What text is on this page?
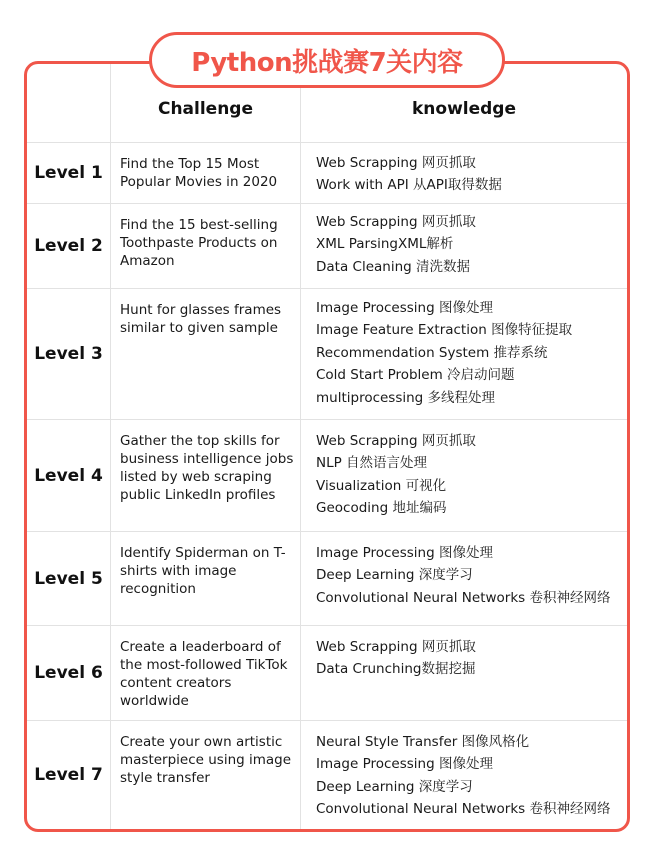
Python挑战赛7关内容
Challenge	knowledge
Level 1 Find the Top 15 Most Popular Movies in 2020
Web Scrapping 网页抓取
Work with API 从API取得数据
Level 2
Find the 15 best-selling Toothpaste Products on Amazon
Web Scrapping 网页抓取
XML ParsingXML解析
Data Cleaning 清洗数据
Level 3
Hunt for glasses frames similar to given sample
Image Processing 图像处理
Image Feature Extraction 图像特征提取
Recommendation System 推荐系统
Cold Start Problem 冷启动问题
multiprocessing 多线程处理
Level 4
Gather the top skills for business intelligence jobs listed by web scraping public LinkedIn profiles
Web Scrapping 网页抓取
NLP 自然语言处理
Visualization 可视化
Geocoding 地址编码
Level 5
Identify Spiderman on T-shirts with image recognition
Image Processing 图像处理
Deep Learning 深度学习
Convolutional Neural Networks 卷积神经网络
Level 6
Create a leaderboard of the most-followed TikTok content creators worldwide
Web Scrapping 网页抓取
Data Crunching数据挖掘
Level 7
Create your own artistic masterpiece using image style transfer
Neural Style Transfer 图像风格化
Image Processing 图像处理
Deep Learning 深度学习
Convolutional Neural Networks 卷积神经网络
